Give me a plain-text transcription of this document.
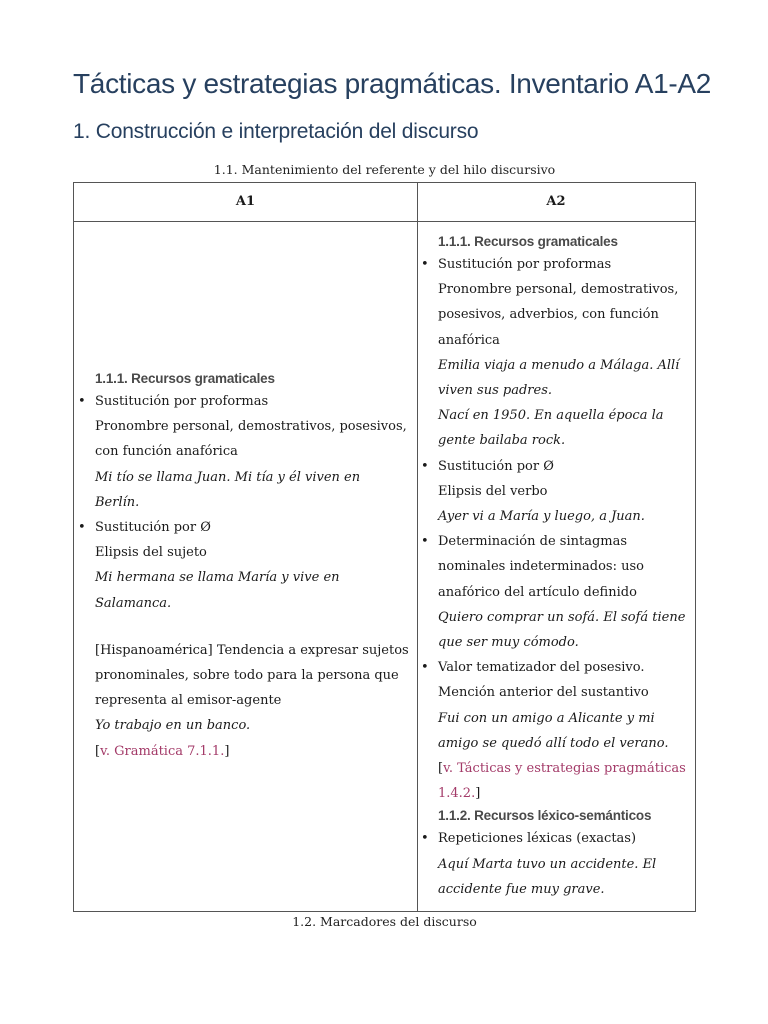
Tácticas y estrategias pragmáticas. Inventario A1-A2
1. Construcción e interpretación del discurso
1.1. Mantenimiento del referente y del hilo discursivo
A1	A2
1.1.1. Recursos gramaticales
• Sustitución por proformas
Pronombre personal, demostrativos, posesivos,
con función anafórica
Mi tío se llama Juan. Mi tía y él viven en
Berlín.
• Sustitución por Ø
Elipsis del sujeto
Mi hermana se llama María y vive en
Salamanca.
[Hispanoamérica] Tendencia a expresar sujetos
pronominales, sobre todo para la persona que
representa al emisor-agente
Yo trabajo en un banco.
[v. Gramática 7.1.1.]
1.1.1. Recursos gramaticales
• Sustitución por proformas
Pronombre personal, demostrativos,
posesivos, adverbios, con función
anafórica
Emilia viaja a menudo a Málaga. Allí
viven sus padres.
Nací en 1950. En aquella época la
gente bailaba rock.
• Sustitución por Ø
Elipsis del verbo
Ayer vi a María y luego, a Juan.
• Determinación de sintagmas
nominales indeterminados: uso
anafórico del artículo definido
Quiero comprar un sofá. El sofá tiene
que ser muy cómodo.
• Valor tematizador del posesivo.
Mención anterior del sustantivo
Fui con un amigo a Alicante y mi
amigo se quedó allí todo el verano.
[v. Tácticas y estrategias pragmáticas
1.4.2.]
1.1.2. Recursos léxico-semánticos
• Repeticiones léxicas (exactas)
Aquí Marta tuvo un accidente. El
accidente fue muy grave.
1.2. Marcadores del discurso
